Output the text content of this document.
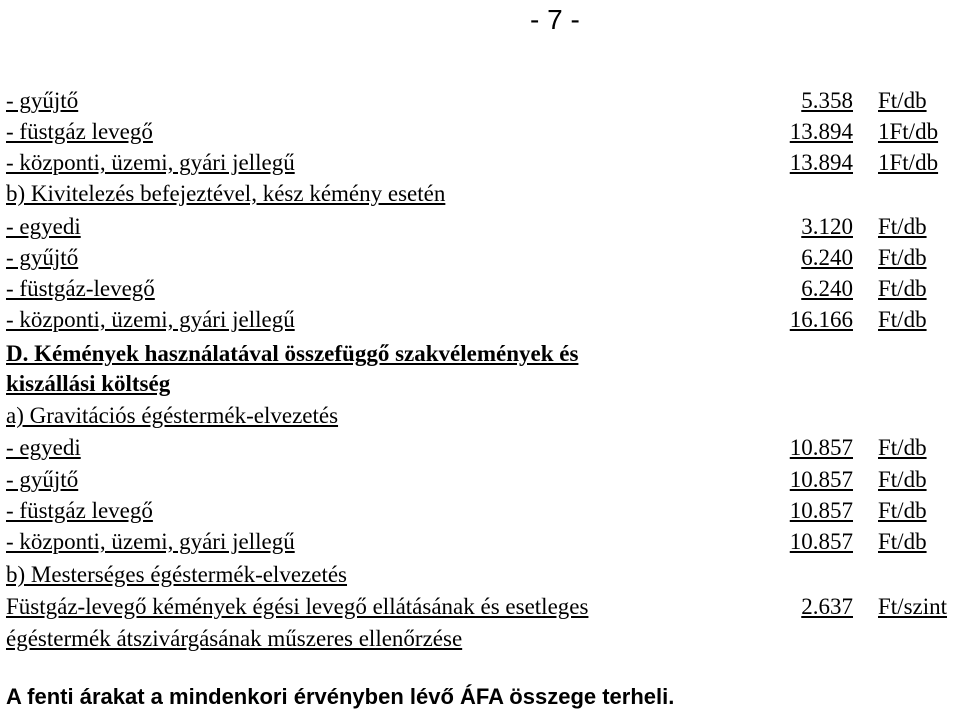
- 7 -
- gyűjtő	5.358 Ft/db
- füstgáz levegő	13.894 1Ft/db
- központi, üzemi, gyári jellegű	13.894 1Ft/db
b) Kivitelezés befejeztével, kész kémény esetén
- egyedi	3.120 Ft/db
- gyűjtő	6.240 Ft/db
- füstgáz-levegő	6.240 Ft/db
- központi, üzemi, gyári jellegű	16.166 Ft/db
D. Kémények használatával összefüggő szakvélemények és
kiszállási költség
a) Gravitációs égéstermék-elvezetés
- egyedi	10.857 Ft/db
- gyűjtő	10.857 Ft/db
- füstgáz levegő	10.857 Ft/db
- központi, üzemi, gyári jellegű	10.857 Ft/db
b) Mesterséges égéstermék-elvezetés
Füstgáz-levegő kémények égési levegő ellátásának és esetleges	2.637 Ft/szint
égéstermék átszivárgásának műszeres ellenőrzése
A fenti árakat a mindenkori érvényben lévő ÁFA összege terheli.
